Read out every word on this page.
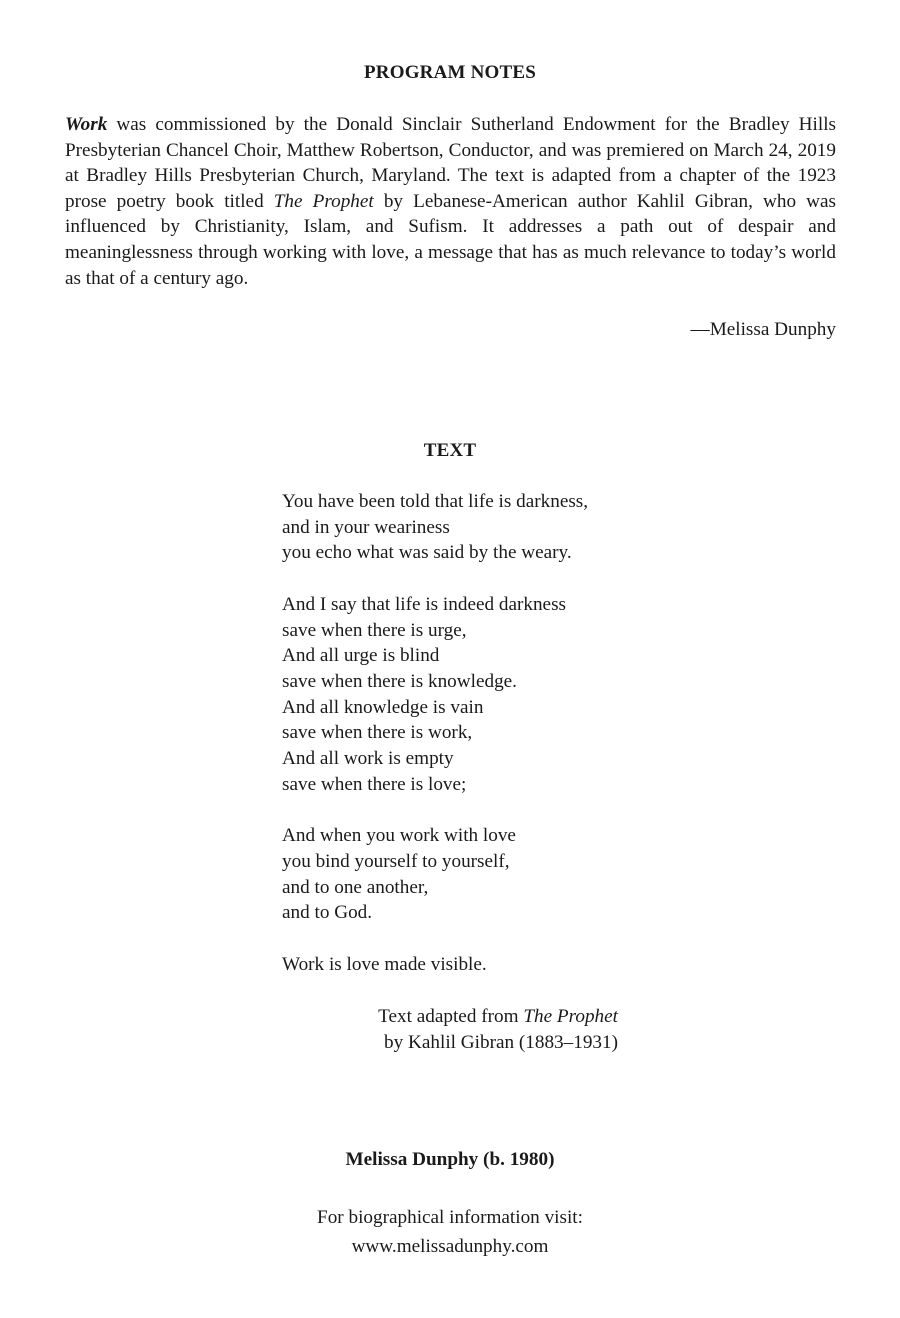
PROGRAM NOTES
Work was commissioned by the Donald Sinclair Sutherland Endowment for the Bradley Hills Presbyterian Chancel Choir, Matthew Robertson, Conductor, and was premiered on March 24, 2019 at Bradley Hills Presbyterian Church, Maryland. The text is adapted from a chapter of the 1923 prose poetry book titled The Prophet by Lebanese-American author Kahlil Gibran, who was influenced by Christianity, Islam, and Sufism. It addresses a path out of despair and meaninglessness through working with love, a message that has as much relevance to today’s world as that of a century ago.
—Melissa Dunphy
TEXT
You have been told that life is darkness,
and in your weariness
you echo what was said by the weary.
And I say that life is indeed darkness
save when there is urge,
And all urge is blind
save when there is knowledge.
And all knowledge is vain
save when there is work,
And all work is empty
save when there is love;
And when you work with love
you bind yourself to yourself,
and to one another,
and to God.
Work is love made visible.
Text adapted from The Prophet
by Kahlil Gibran (1883–1931)
Melissa Dunphy (b. 1980)
For biographical information visit:
www.melissadunphy.com
